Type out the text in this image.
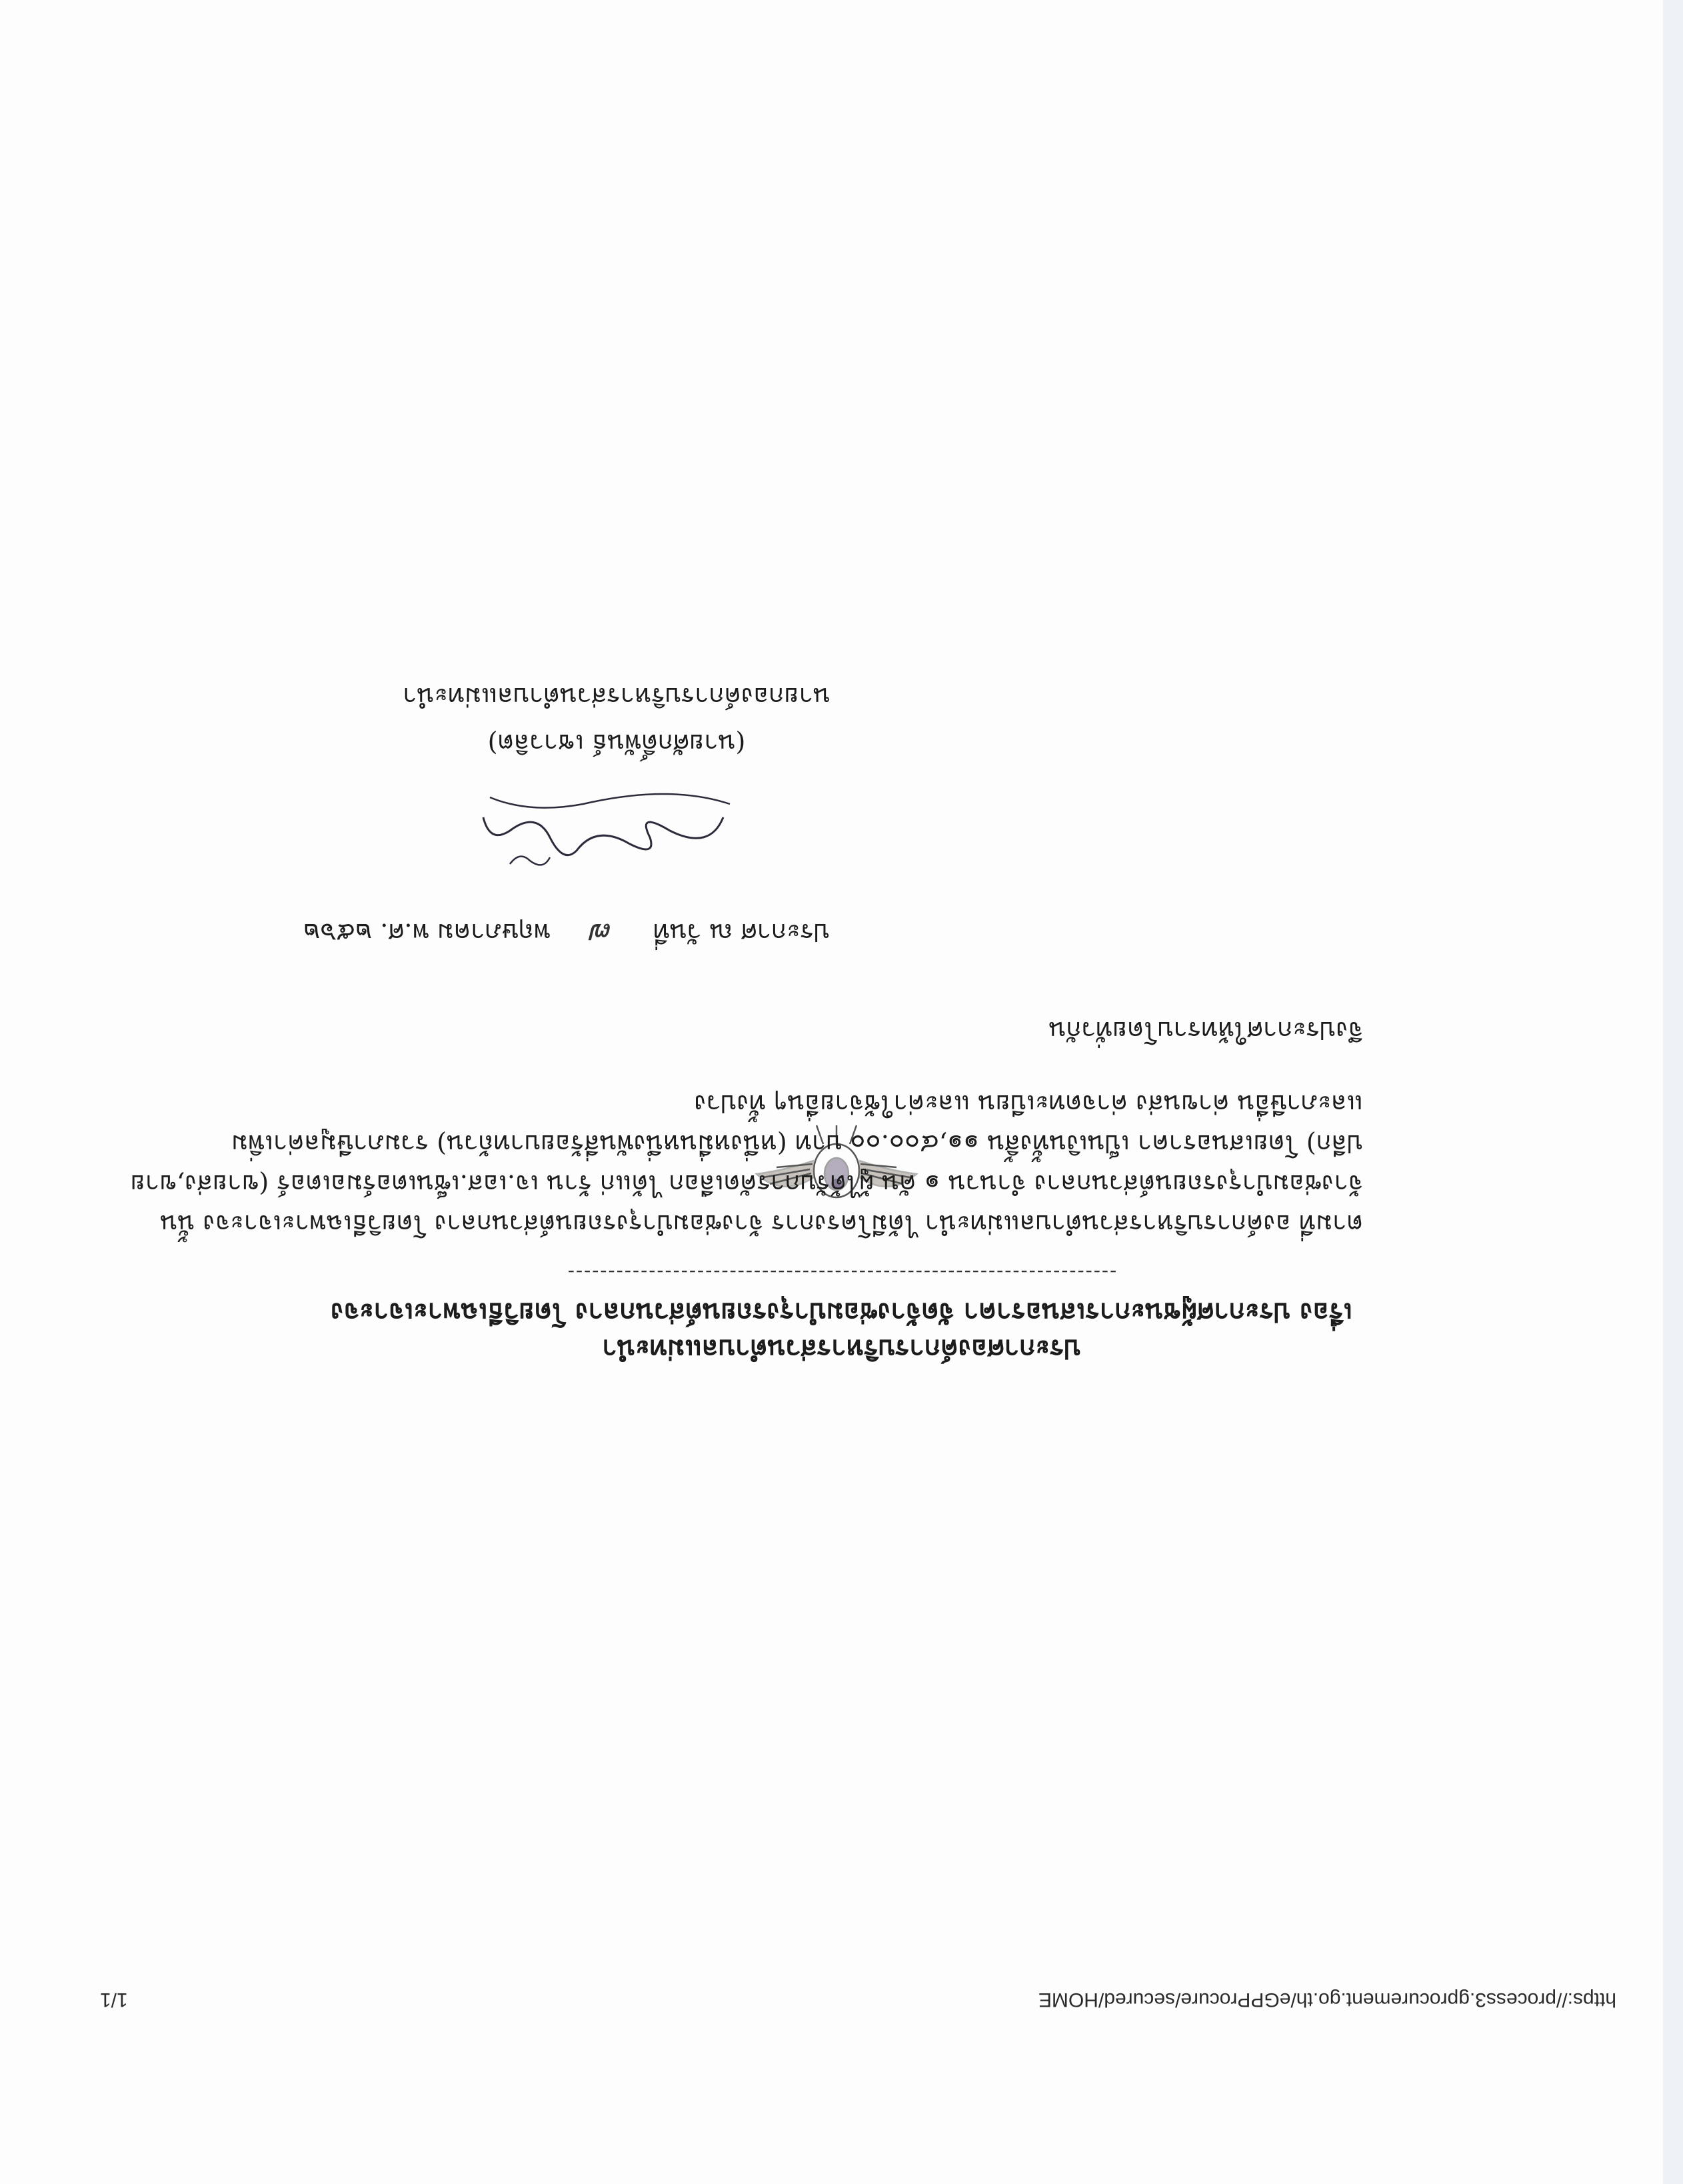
https://process3.gprocurement.go.th/eGPProcure/secured/HOME
1/1
ประกาศองค์การบริหารส่วนตำบลแม่ทะนำ
เรื่อง ประกาศผู้ชนะการเสนอราคา จัดจ้างซ่อมบำรุงรถยนต์ส่วนกลาง โดยวิธีเฉพาะเจาะจง
--------------------------------------------------------------------
ตามที่ องค์การบริหารส่วนตำบลแม่ทะนำ ได้มีโครงการ จ้างซ่อมบำรุงรถยนต์ส่วนกลาง โดยวิธีเฉพาะเจาะจง นั้น
จ้างซ่อมบำรุงรถยนต์ส่วนกลาง จำนวน ๑ คัน ผู้ได้รับการคัดเลือก ได้แก่ ร้าน เจ.เอส.เซ็นเตอร์มอเตอร์ (ขายส่ง,ขาย
ปลีก) โดยเสนอราคา เป็นเงินทั้งสิ้น ๑๑,๔๐๐.๐๐ บาท (หนึ่งหมื่นหนึ่งพันสี่ร้อยบาทถ้วน) รวมภาษีมูลค่าเพิ่ม
และภาษีอื่น ค่าขนส่ง ค่าจดทะเบียน และค่าใช้จ่ายอื่นๆ ทั้งปวง
จึงประกาศให้ทราบโดยทั่วกัน
ประกาศ ณ วันที่ ๗ พฤษภาคม พ.ศ. ๒๕๖๒
(นายศักดิ์พันธ์ เชาวลิต)
นายกองค์การบริหารส่วนตำบลแม่ทะนำ
